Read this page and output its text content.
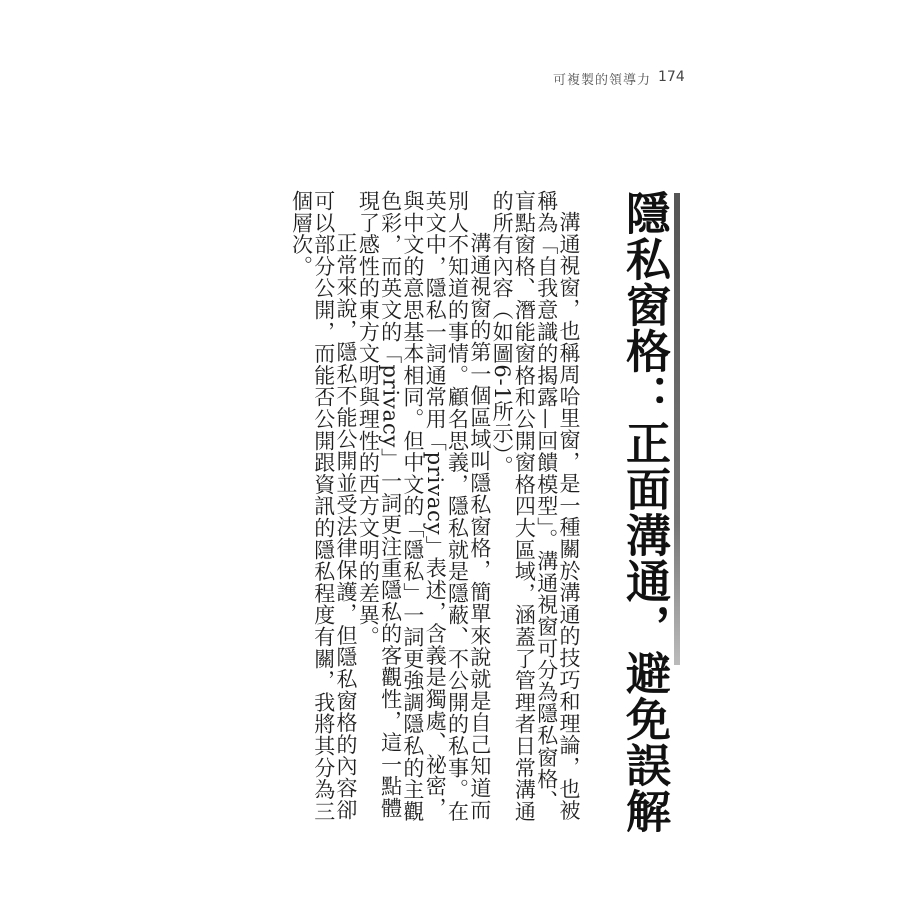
可複製的領導力 174
隱私窗格：正面溝通，避免誤解

溝通視窗，也稱周哈里窗，是一種關於溝通的技巧和理論，也被稱為「自我意識的揭露—回饋模型」。溝通視窗可分為隱私窗格、盲點窗格、潛能窗格和公開窗格四大區域，涵蓋了管理者日常溝通的所有內容（如圖6-1所示）。

溝通視窗的第一個區域叫隱私窗格，簡單來說就是自己知道而別人不知道的事情。顧名思義，隱私就是隱蔽、不公開的私事。在英文中，隱私一詞通常用「privacy」表述，含義是獨處、祕密，與中文的意思基本相同。但中文的「隱私」一詞更強調隱私的主觀色彩，而英文的「privacy」一詞更注重隱私的客觀性，這一點體現了感性的東方文明與理性的西方文明的差異。

正常來說，隱私不能公開並受法律保護，但隱私窗格的內容卻可以部分公開，而能否公開跟資訊的隱私程度有關，我將其分為三個層次。
